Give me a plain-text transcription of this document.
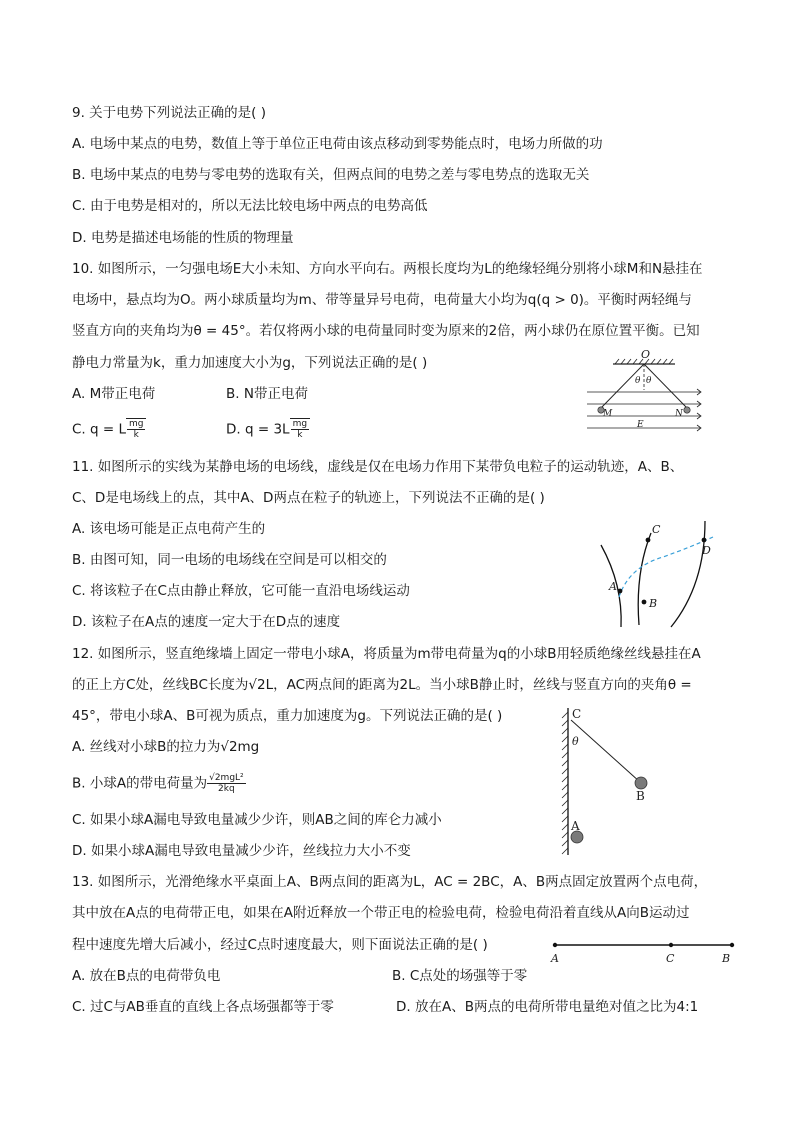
9. 关于电势下列说法正确的是( )
A. 电场中某点的电势，数值上等于单位正电荷由该点移动到零势能点时，电场力所做的功
B. 电场中某点的电势与零电势的选取有关，但两点间的电势之差与零电势点的选取无关
C. 由于电势是相对的，所以无法比较电场中两点的电势高低
D. 电势是描述电场能的性质的物理量
10. 如图所示，一匀强电场E大小未知、方向水平向右。两根长度均为L的绝缘轻绳分别将小球M和N悬挂在
电场中，悬点均为O。两小球质量均为m、带等量异号电荷，电荷量大小均为q(q > 0)。平衡时两轻绳与
竖直方向的夹角均为θ = 45°。若仅将两小球的电荷量同时变为原来的2倍，两小球仍在原位置平衡。已知
静电力常量为k，重力加速度大小为g，下列说法正确的是( )
A. M带正电荷	B. N带正电荷
C. q = L $\frac{mg}{k}$	D. $q = 3L \frac{mg}{k}$
O
θ θ
M	N
E
11. 如图所示的实线为某静电场的电场线，虚线是仅在电场力作用下某带负电粒子的运动轨迹，A、B、
C、D是电场线上的点，其中A、D两点在粒子的轨迹上，下列说法不正确的是( )
A. 该电场可能是正点电荷产生的
B. 由图可知，同一电场的电场线在空间是可以相交的
C. 将该粒子在C点由静止释放，它可能一直沿电场线运动
D. 该粒子在A点的速度一定大于在D点的速度
A
B
C
D
12. 如图所示，竖直绝缘墙上固定一带电小球A，将质量为m带电荷量为q的小球B用轻质绝缘丝线悬挂在A
的正上方C处，丝线BC长度为√2L，AC两点间的距离为2L。当小球B静止时，丝线与竖直方向的夹角θ =
45°，带电小球A、B可视为质点，重力加速度为g。下列说法正确的是( )
A. 丝线对小球B的拉力为√2mg
B. 小球A的带电荷量为 $\frac{\text{√2mgL²}}{2kq}$
C. 如果小球A漏电导致电量减少少许，则AB之间的库仑力减小
D. 如果小球A漏电导致电量减少少许，丝线拉力大小不变
C
θ
B
A
13. 如图所示，光滑绝缘水平桌面上A、B两点间的距离为L，AC = 2BC，A、B两点固定放置两个点电荷，
其中放在A点的电荷带正电，如果在A附近释放一个带正电的检验电荷，检验电荷沿着直线从A向B运动过
程中速度先增大后减小，经过C点时速度最大，则下面说法正确的是( )
A. 放在B点的电荷带负电	B. C点处的场强等于零
C. 过C与AB垂直的直线上各点场强都等于零	D. 放在A、B两点的电荷所带电量绝对值之比为4:1
A	C	B
